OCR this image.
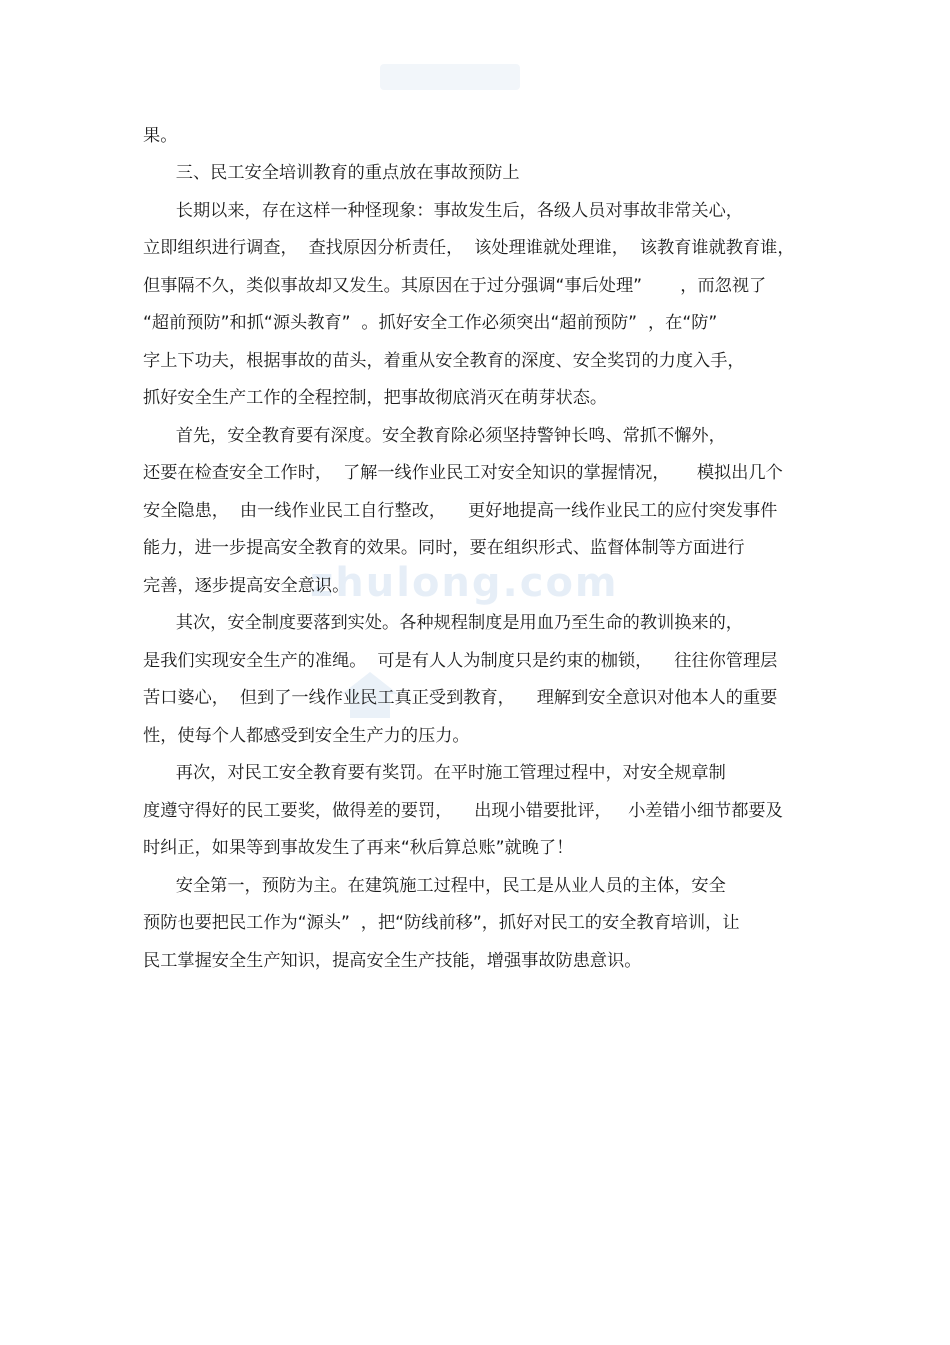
zhulong.com
果。
三、民工安全培训教育的重点放在事故预防上
长期以来，存在这样一种怪现象：事故发生后，各级人员对事故非常关心，
立即组织进行调查，  查找原因分析责任，  该处理谁就处理谁，  该教育谁就教育谁，
但事隔不久，类似事故却又发生。其原因在于过分强调“事后处理”       ，而忽视了
“超前预防”和抓“源头教育”  。抓好安全工作必须突出“超前预防”  ，在“防”
字上下功夫，根据事故的苗头，着重从安全教育的深度、安全奖罚的力度入手，
抓好安全生产工作的全程控制，把事故彻底消灭在萌芽状态。
首先，安全教育要有深度。安全教育除必须坚持警钟长鸣、常抓不懈外，
还要在检查安全工作时，  了解一线作业民工对安全知识的掌握情况，     模拟出几个
安全隐患，  由一线作业民工自行整改，    更好地提高一线作业民工的应付突发事件
能力，进一步提高安全教育的效果。同时，要在组织形式、监督体制等方面进行
完善，逐步提高安全意识。
其次，安全制度要落到实处。各种规程制度是用血乃至生命的教训换来的，
是我们实现安全生产的准绳。  可是有人人为制度只是约束的枷锁，    往往你管理层
苦口婆心，  但到了一线作业民工真正受到教育，    理解到安全意识对他本人的重要
性，使每个人都感受到安全生产力的压力。
再次，对民工安全教育要有奖罚。在平时施工管理过程中，对安全规章制
度遵守得好的民工要奖，做得差的要罚，    出现小错要批评，   小差错小细节都要及
时纠正，如果等到事故发生了再来“秋后算总账”就晚了！
安全第一，预防为主。在建筑施工过程中，民工是从业人员的主体，安全
预防也要把民工作为“源头”  ，把“防线前移”，抓好对民工的安全教育培训，让
民工掌握安全生产知识，提高安全生产技能，增强事故防患意识。
